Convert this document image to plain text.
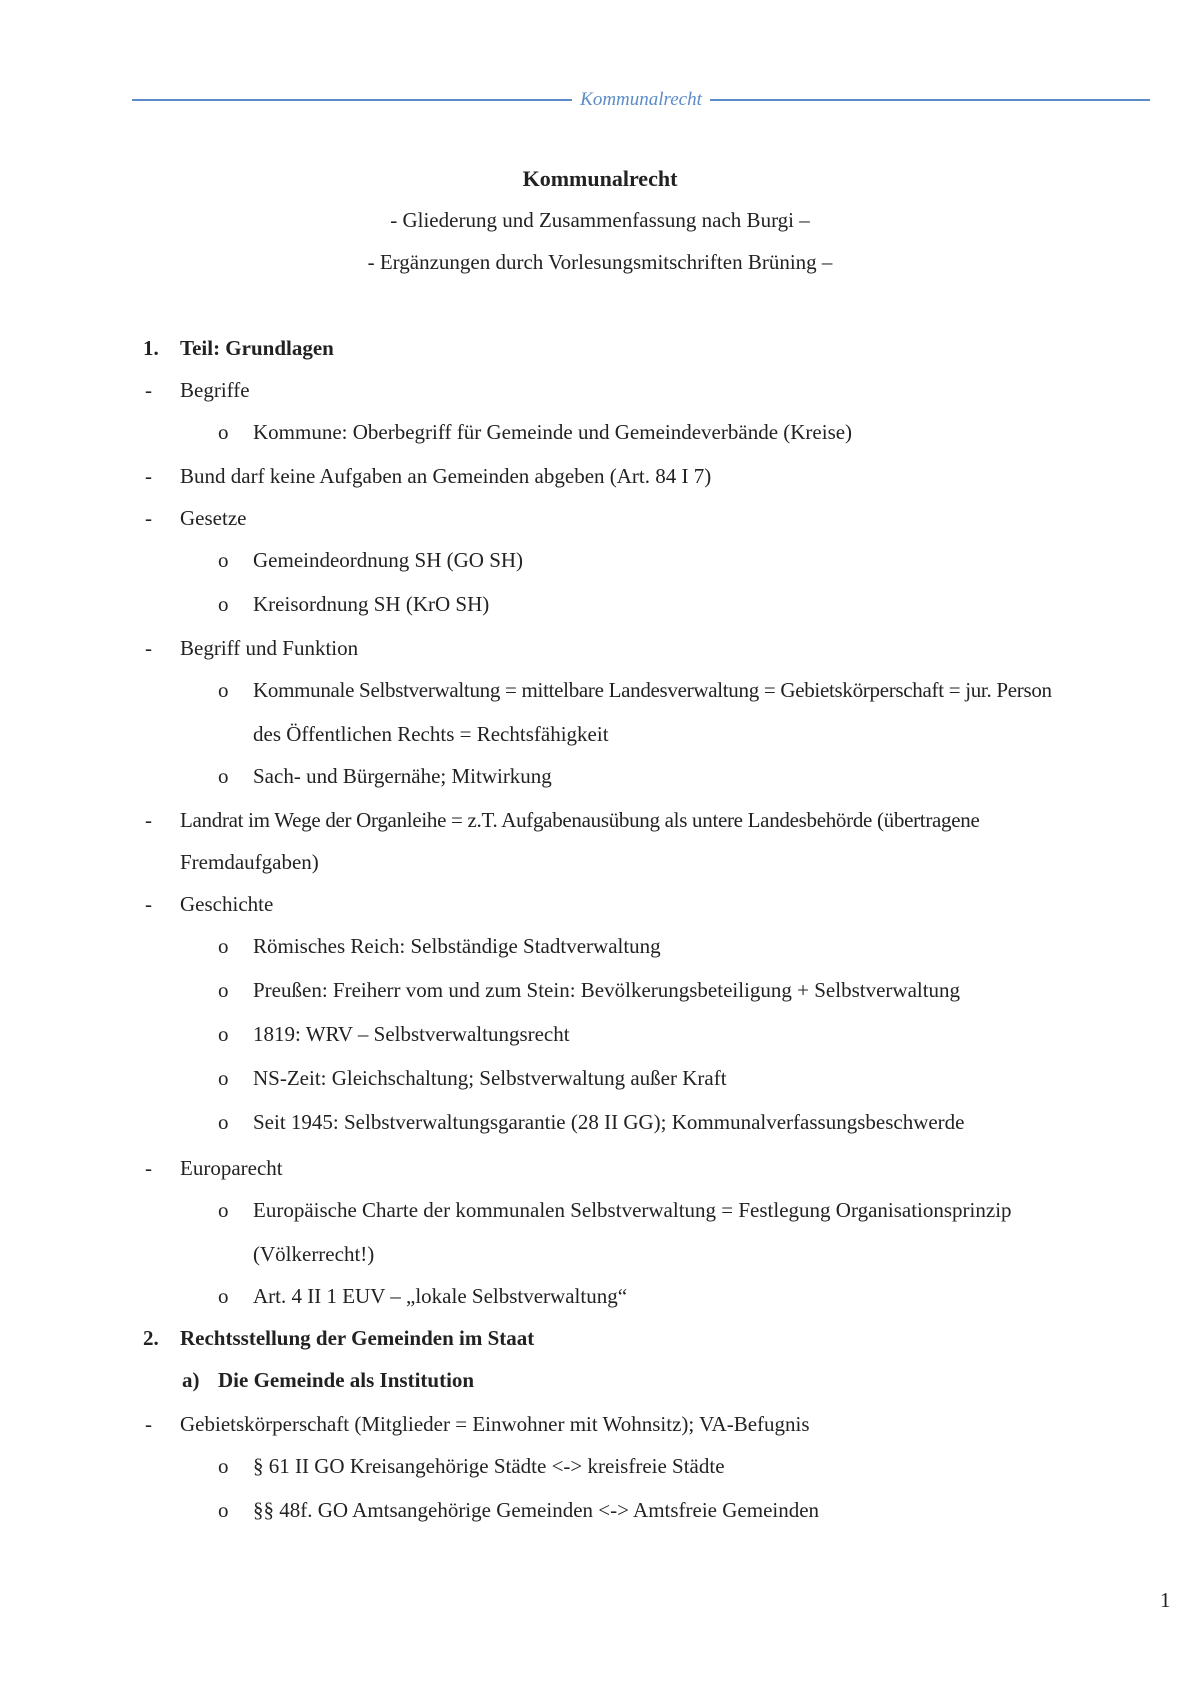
Kommunalrecht
Kommunalrecht
- Gliederung und Zusammenfassung nach Burgi –
- Ergänzungen durch Vorlesungsmitschriften Brüning –
1. Teil: Grundlagen
- Begriffe
o Kommune: Oberbegriff für Gemeinde und Gemeindeverbände (Kreise)
- Bund darf keine Aufgaben an Gemeinden abgeben (Art. 84 I 7)
- Gesetze
o Gemeindeordnung SH (GO SH)
o Kreisordnung SH (KrO SH)
- Begriff und Funktion
o Kommunale Selbstverwaltung = mittelbare Landesverwaltung = Gebietskörperschaft = jur. Person
des Öffentlichen Rechts = Rechtsfähigkeit
o Sach- und Bürgernähe; Mitwirkung
- Landrat im Wege der Organleihe = z.T. Aufgabenausübung als untere Landesbehörde (übertragene
Fremdaufgaben)
- Geschichte
o Römisches Reich: Selbständige Stadtverwaltung
o Preußen: Freiherr vom und zum Stein: Bevölkerungsbeteiligung + Selbstverwaltung
o 1819: WRV – Selbstverwaltungsrecht
o NS-Zeit: Gleichschaltung; Selbstverwaltung außer Kraft
o Seit 1945: Selbstverwaltungsgarantie (28 II GG); Kommunalverfassungsbeschwerde
- Europarecht
o Europäische Charte der kommunalen Selbstverwaltung = Festlegung Organisationsprinzip
(Völkerrecht!)
o Art. 4 II 1 EUV – „lokale Selbstverwaltung“
2. Rechtsstellung der Gemeinden im Staat
a) Die Gemeinde als Institution
- Gebietskörperschaft (Mitglieder = Einwohner mit Wohnsitz); VA-Befugnis
o § 61 II GO Kreisangehörige Städte <-> kreisfreie Städte
o §§ 48f. GO Amtsangehörige Gemeinden <-> Amtsfreie Gemeinden
1
